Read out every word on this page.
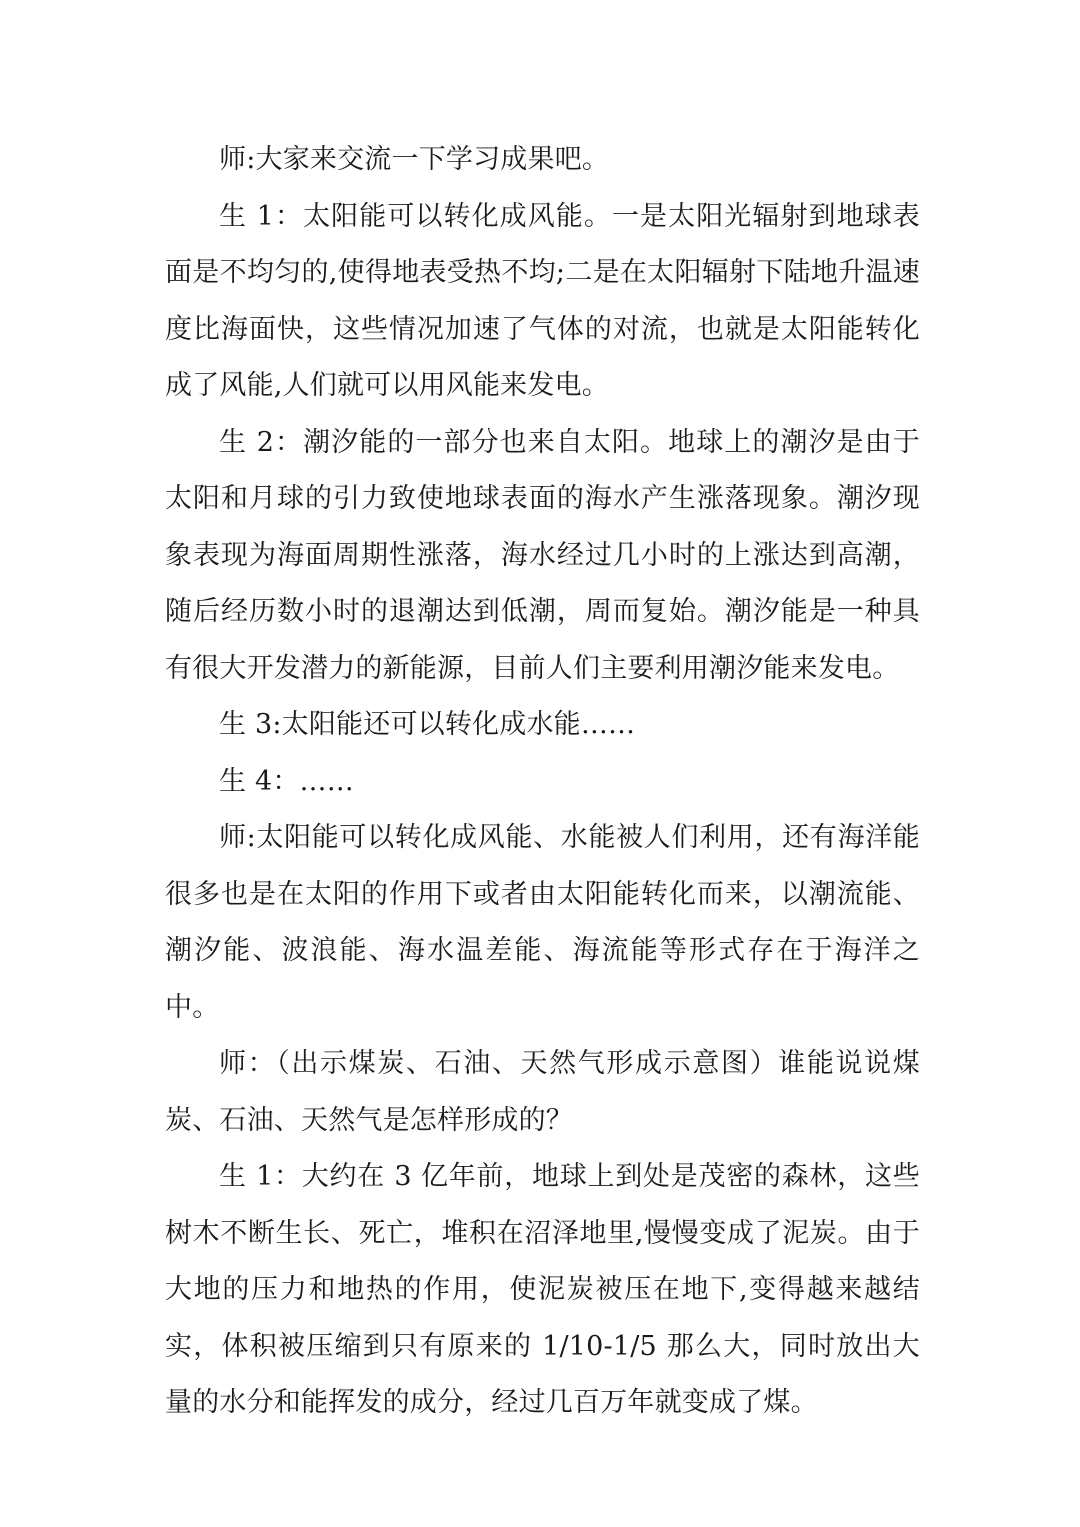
师:大家来交流一下学习成果吧。

生 1：太阳能可以转化成风能。一是太阳光辐射到地球表面是不均匀的,使得地表受热不均;二是在太阳辐射下陆地升温速度比海面快，这些情况加速了气体的对流，也就是太阳能转化成了风能,人们就可以用风能来发电。

生 2：潮汐能的一部分也来自太阳。地球上的潮汐是由于太阳和月球的引力致使地球表面的海水产生涨落现象。潮汐现象表现为海面周期性涨落，海水经过几小时的上涨达到高潮，随后经历数小时的退潮达到低潮，周而复始。潮汐能是一种具有很大开发潜力的新能源，目前人们主要利用潮汐能来发电。

生 3:太阳能还可以转化成水能……

生 4：……

师:太阳能可以转化成风能、水能被人们利用，还有海洋能很多也是在太阳的作用下或者由太阳能转化而来，以潮流能、潮汐能、波浪能、海水温差能、海流能等形式存在于海洋之中。

师：（出示煤炭、石油、天然气形成示意图）谁能说说煤炭、石油、天然气是怎样形成的？

生 1：大约在 3 亿年前，地球上到处是茂密的森林，这些树木不断生长、死亡，堆积在沼泽地里,慢慢变成了泥炭。由于大地的压力和地热的作用，使泥炭被压在地下,变得越来越结实，体积被压缩到只有原来的 1/10-1/5 那么大，同时放出大量的水分和能挥发的成分，经过几百万年就变成了煤。
